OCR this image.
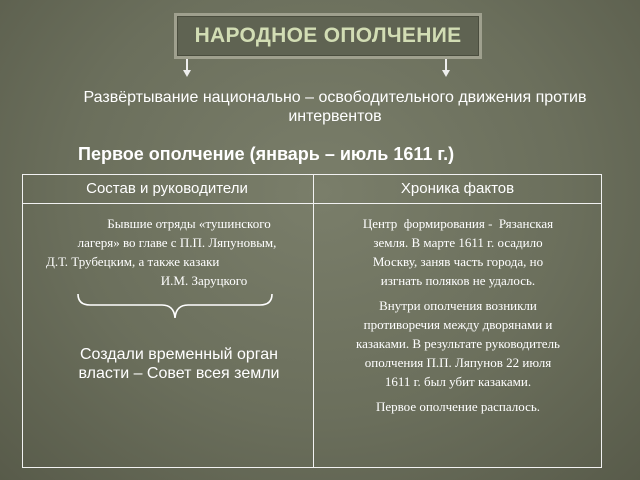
НАРОДНОЕ ОПОЛЧЕНИЕ
Развёртывание национально – освободительного движения против интервентов
Первое ополчение (январь – июль 1611 г.)
Состав и руководители	Хроника фактов
Бывшие отряды «тушинского
лагеря» во главе с П.П. Ляпуновым,
Д.Т. Трубецким, а также казаки
И.М. Заруцкого
Создали временный орган власти – Совет всея земли
Центр  формирования -  Рязанская
земля. В марте 1611 г. осадило
Москву, заняв часть города, но
изгнать поляков не удалось.
Внутри ополчения возникли
противоречия между дворянами и
казаками. В результате руководитель
ополчения П.П. Ляпунов 22 июля
1611 г. был убит казаками.
Первое ополчение распалось.
